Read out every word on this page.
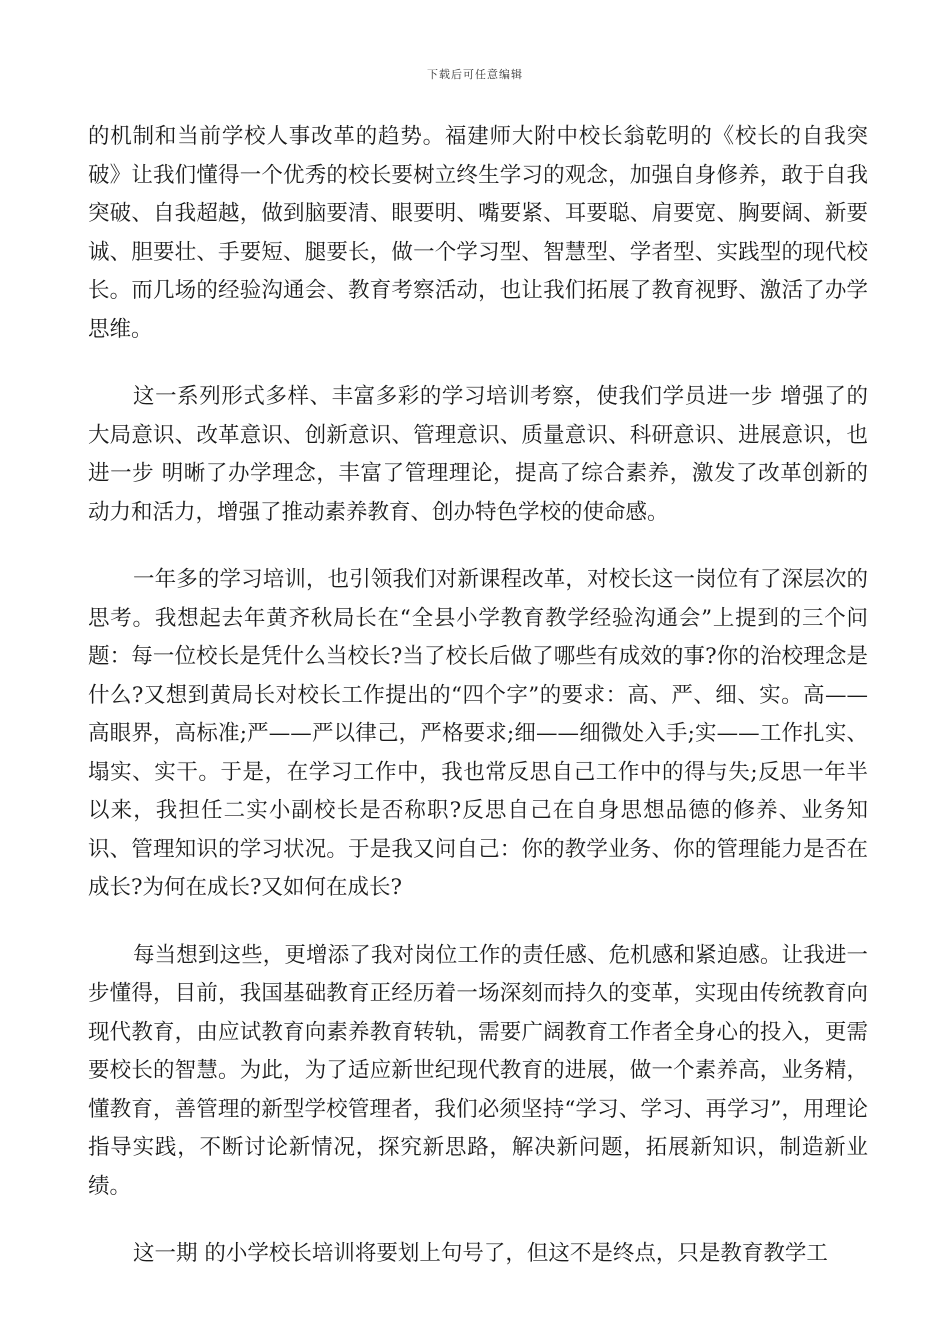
下载后可任意编辑

的机制和当前学校人事改革的趋势。福建师大附中校长翁乾明的《校长的自我突破》让我们懂得一个优秀的校长要树立终生学习的观念，加强自身修养，敢于自我突破、自我超越，做到脑要清、眼要明、嘴要紧、耳要聪、肩要宽、胸要阔、新要诚、胆要壮、手要短、腿要长，做一个学习型、智慧型、学者型、实践型的现代校长。而几场的经验沟通会、教育考察活动，也让我们拓展了教育视野、激活了办学思维。

这一系列形式多样、丰富多彩的学习培训考察，使我们学员进一步 增强了的大局意识、改革意识、创新意识、管理意识、质量意识、科研意识、进展意识，也进一步 明晰了办学理念，丰富了管理理论，提高了综合素养，激发了改革创新的动力和活力，增强了推动素养教育、创办特色学校的使命感。

一年多的学习培训，也引领我们对新课程改革，对校长这一岗位有了深层次的思考。我想起去年黄齐秋局长在“全县小学教育教学经验沟通会”上提到的三个问题：每一位校长是凭什么当校长?当了校长后做了哪些有成效的事?你的治校理念是什么?又想到黄局长对校长工作提出的“四个字”的要求：高、严、细、实。高——高眼界，高标准;严——严以律己，严格要求;细——细微处入手;实——工作扎实、塌实、实干。于是，在学习工作中，我也常反思自己工作中的得与失;反思一年半以来，我担任二实小副校长是否称职?反思自己在自身思想品德的修养、业务知识、管理知识的学习状况。于是我又问自己：你的教学业务、你的管理能力是否在成长?为何在成长?又如何在成长?

每当想到这些，更增添了我对岗位工作的责任感、危机感和紧迫感。让我进一步懂得，目前，我国基础教育正经历着一场深刻而持久的变革，实现由传统教育向现代教育，由应试教育向素养教育转轨，需要广阔教育工作者全身心的投入，更需要校长的智慧。为此，为了适应新世纪现代教育的进展，做一个素养高，业务精，懂教育，善管理的新型学校管理者，我们必须坚持“学习、学习、再学习”，用理论指导实践，不断讨论新情况，探究新思路，解决新问题，拓展新知识，制造新业绩。

这一期 的小学校长培训将要划上句号了，但这不是终点，只是教育教学工
